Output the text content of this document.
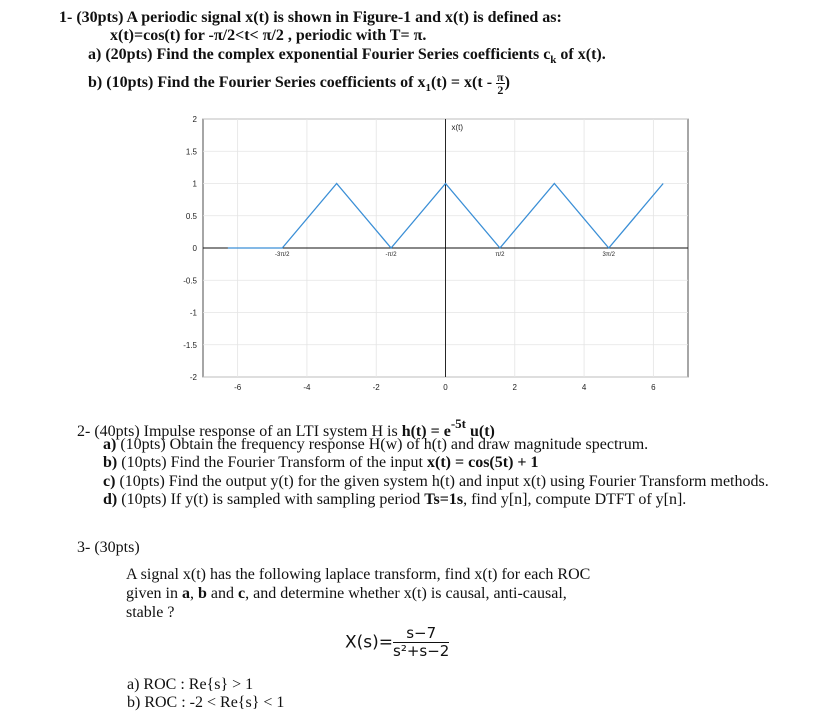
1- (30pts) A periodic signal x(t) is shown in Figure-1 and x(t) is defined as:
x(t)=cos(t) for -π/2<t< π/2 , periodic with T= π.
a) (20pts) Find the complex exponential Fourier Series coefficients $c_k$ of x(t).
b) (10pts) Find the Fourier Series coefficients of $x_1(t) = x(t - \frac{\pi}{2}$ )
-6	-4	-2	0	2	4	6
2
1.5
1
0.5
0
-0.5
-1
-1.5
-2
-3π/2	-π/2	π/2	3π/2
x(t)
2- (40pts) Impulse response of an LTI system H is $h(t) = e^{-5t}$ u(t)
a) (10pts) Obtain the frequency response H(w) of h(t) and draw magnitude spectrum.
b) (10pts) Find the Fourier Transform of the input x(t) = cos(5t) + 1
c) (10pts) Find the output y(t) for the given system h(t) and input x(t) using Fourier Transform methods.
d) (10pts) If y(t) is sampled with sampling period Ts=1s, find y[n], compute DTFT of y[n].
3- (30pts)
A signal x(t) has the following laplace transform, find x(t) for each ROC
given in a, b and c, and determine whether x(t) is causal, anti-causal,
stable ?
$X(s)= \frac{s-7}{\text{s²+s−2}}$
a) ROC : Re{s} > 1
b) ROC : -2 < Re{s} < 1
